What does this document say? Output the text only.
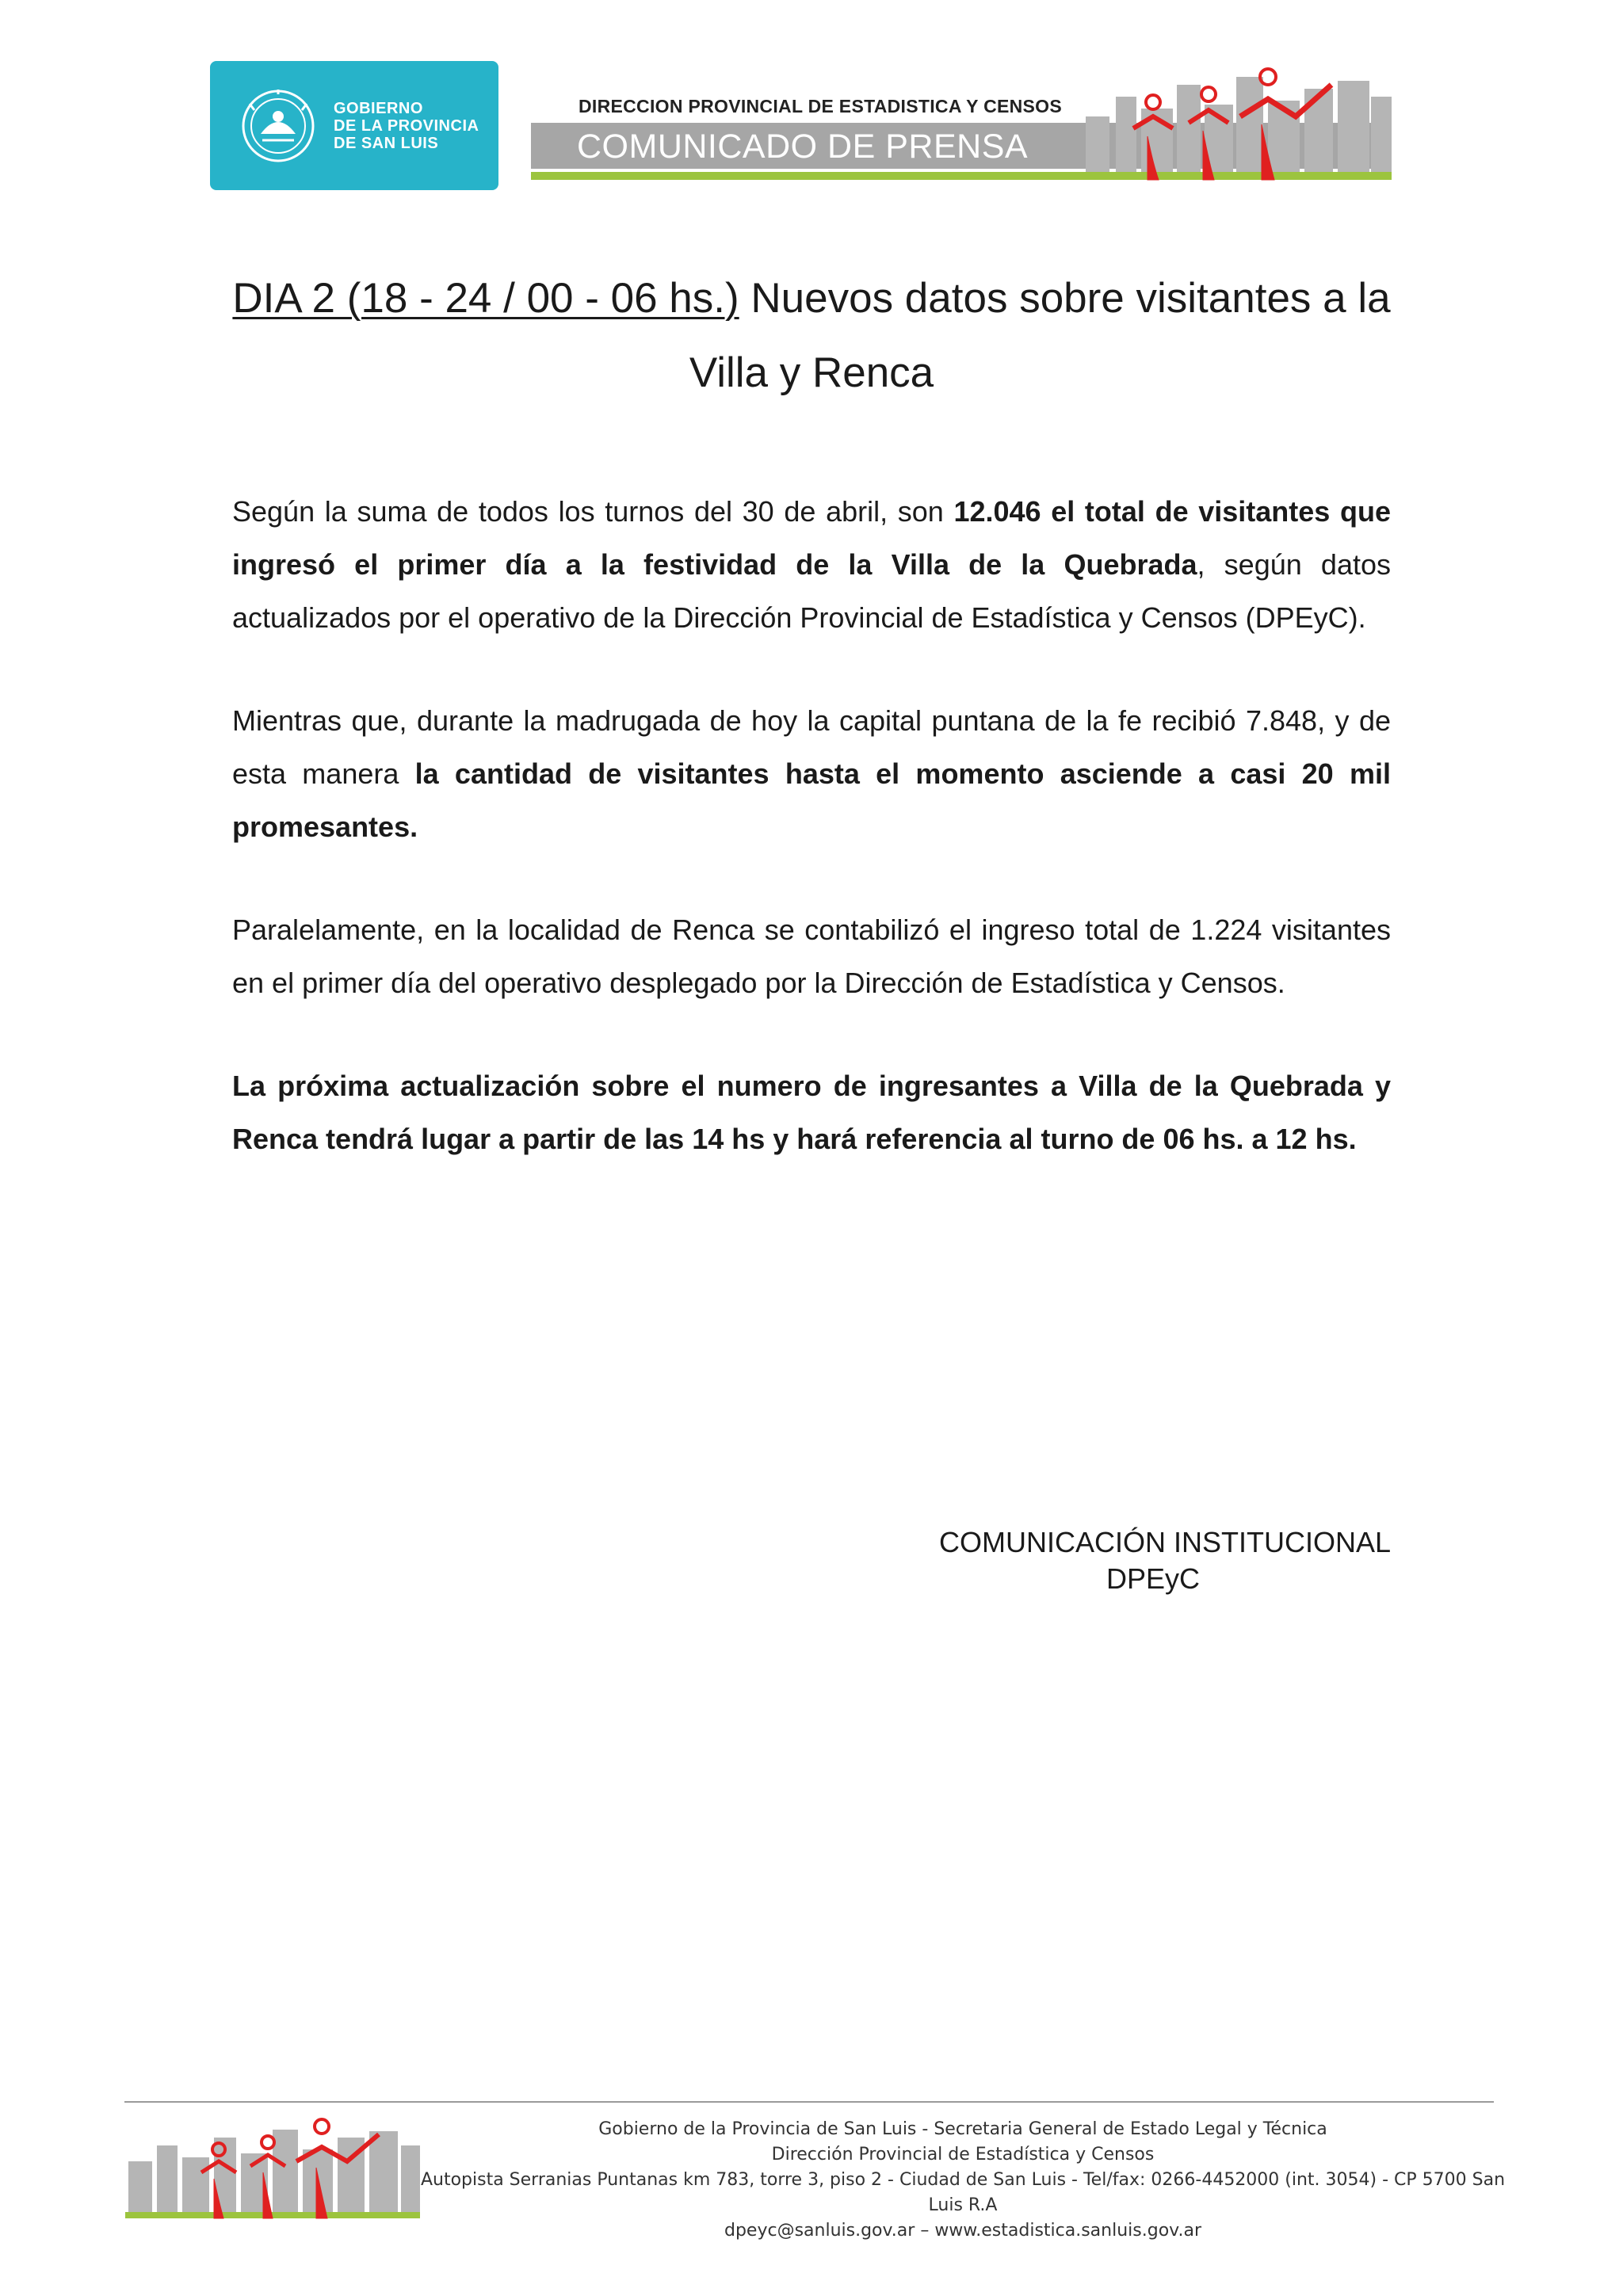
GOBIERNO
DE LA PROVINCIA
DE SAN LUIS
DIRECCION PROVINCIAL DE ESTADISTICA Y CENSOS
COMUNICADO DE PRENSA
DIA 2 (18 - 24 / 00 - 06 hs.) Nuevos datos sobre visitantes a la Villa y Renca

Según la suma de todos los turnos del 30 de abril, son 12.046 el total de visitantes que ingresó el primer día a la festividad de la Villa de la Quebrada, según datos actualizados por el operativo de la Dirección Provincial de Estadística y Censos (DPEyC).

Mientras que, durante la madrugada de hoy la capital puntana de la fe recibió 7.848, y de esta manera la cantidad de visitantes hasta el momento asciende a casi 20 mil promesantes.

Paralelamente, en la localidad de Renca se contabilizó el ingreso total de 1.224 visitantes en el primer día del operativo desplegado por la Dirección de Estadística y Censos.

La próxima actualización sobre el numero de ingresantes a Villa de la Quebrada y Renca tendrá lugar a partir de las 14 hs y hará referencia al turno de 06 hs. a 12 hs.

COMUNICACIÓN INSTITUCIONAL
DPEyC
Gobierno de la Provincia de San Luis - Secretaria General de Estado Legal y Técnica
Dirección Provincial de Estadística y Censos
Autopista Serranias Puntanas km 783, torre 3, piso 2 - Ciudad de San Luis - Tel/fax: 0266-4452000 (int. 3054) - CP 5700 San Luis R.A
dpeyc@sanluis.gov.ar – www.estadistica.sanluis.gov.ar
